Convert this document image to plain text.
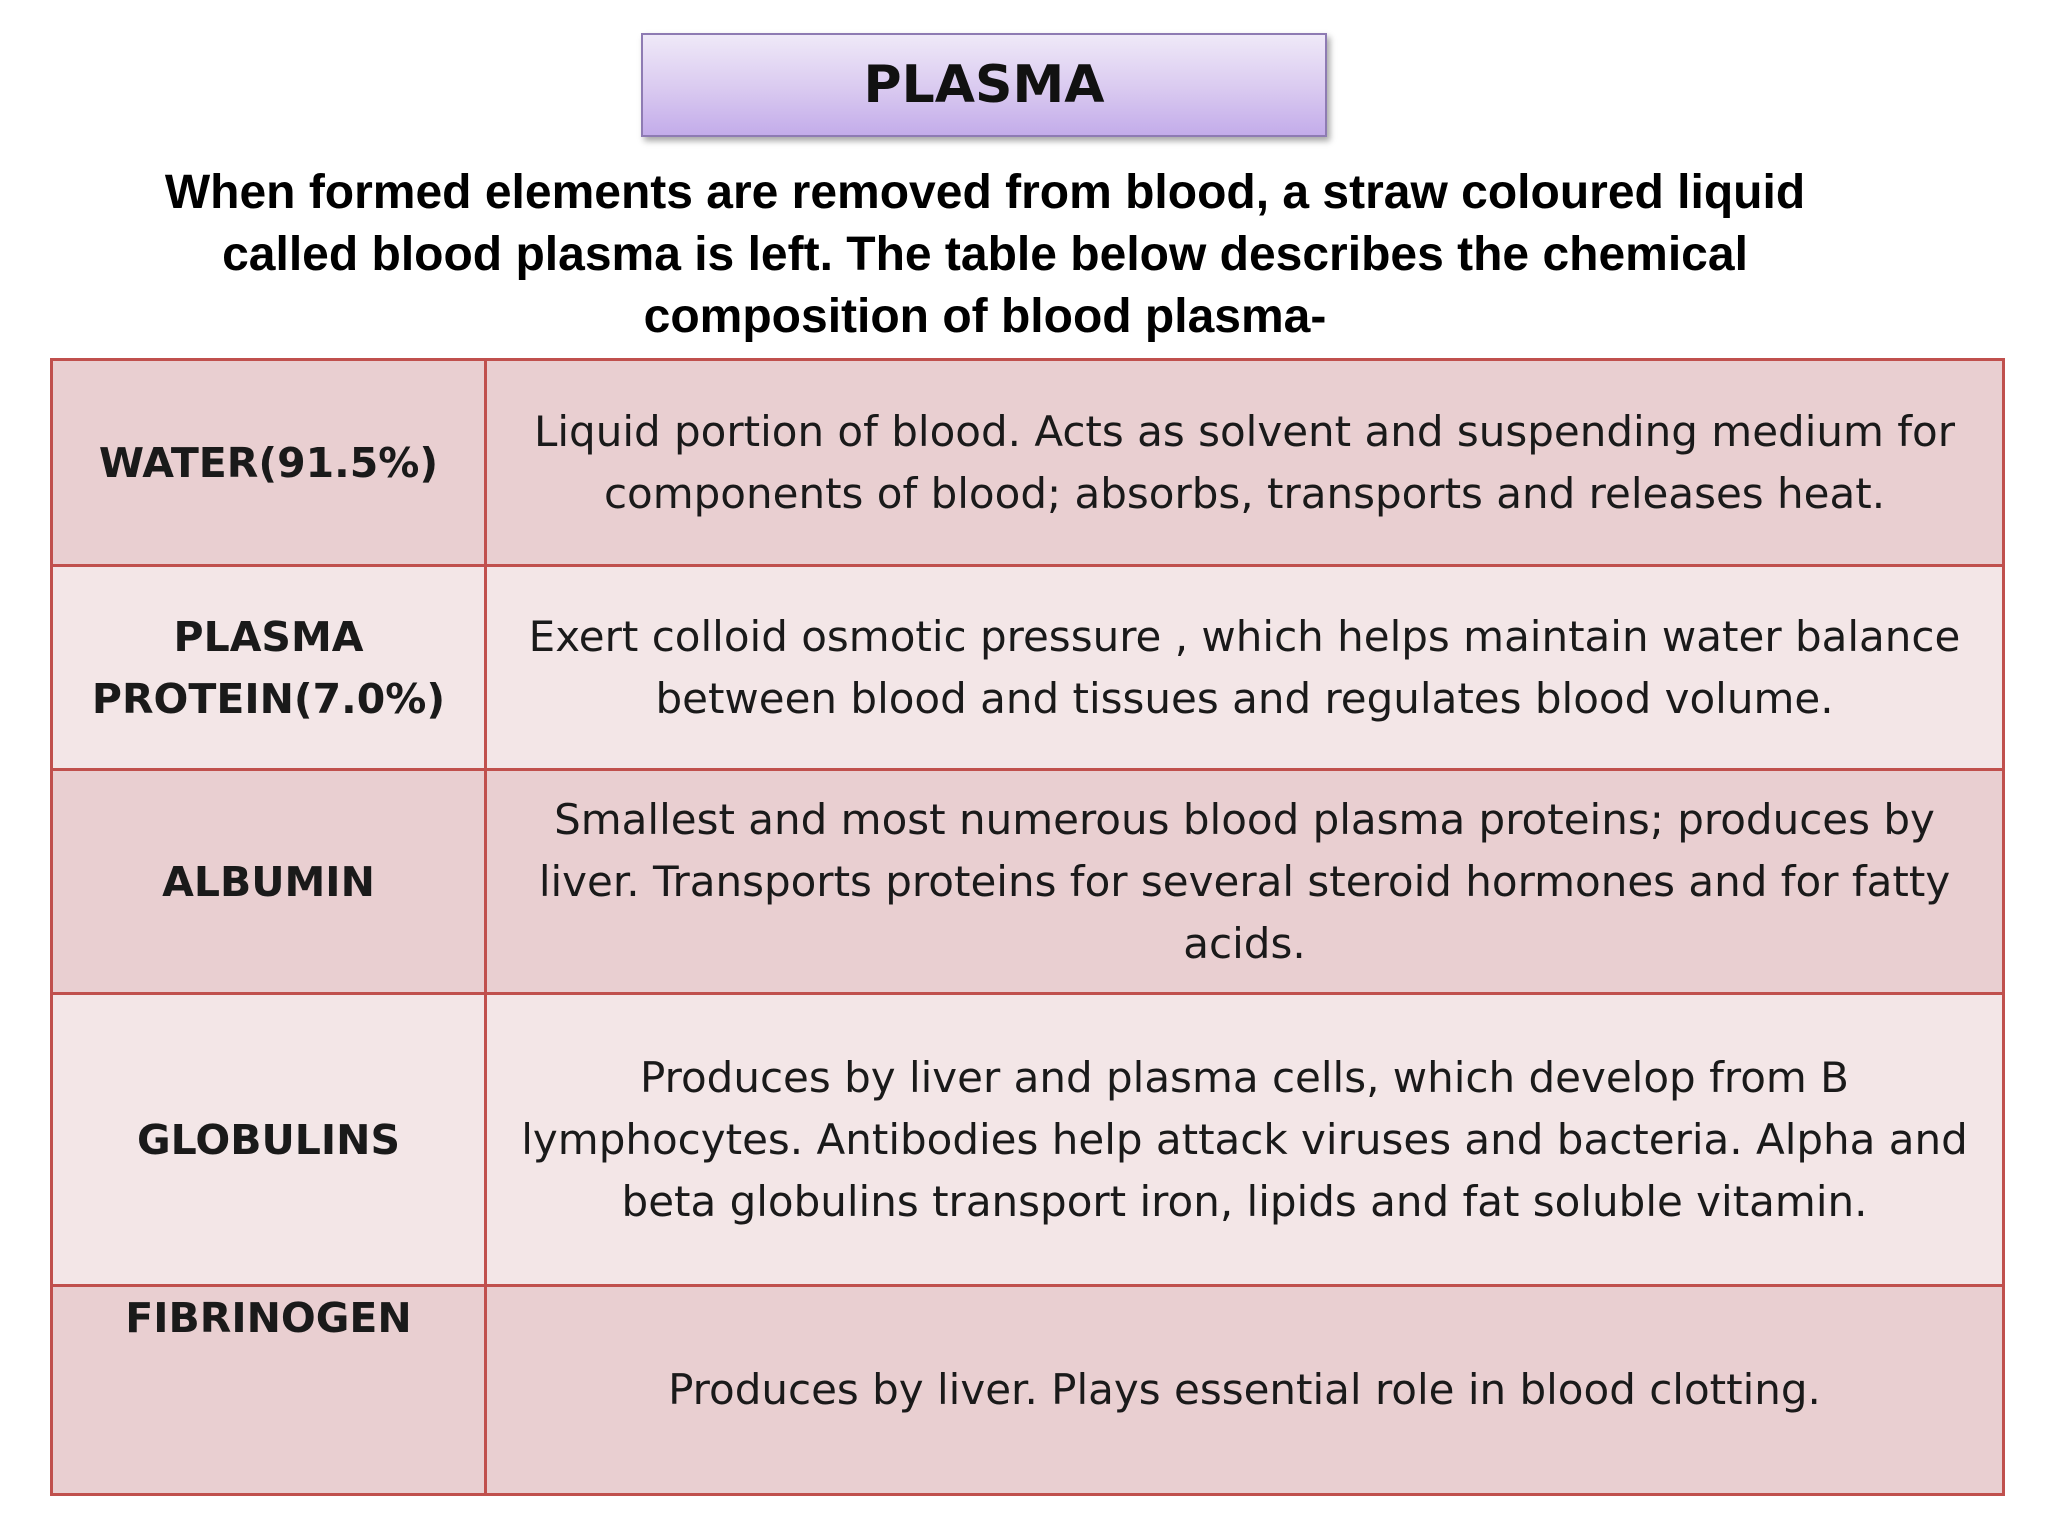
PLASMA
When formed elements are removed from blood, a straw coloured liquid
called blood plasma is left. The table below describes the chemical
composition of blood plasma-
WATER(91.5%)	Liquid portion of blood. Acts as solvent and suspending medium for components of blood; absorbs, transports and releases heat.
PLASMA PROTEIN(7.0%)	Exert colloid osmotic pressure , which helps maintain water balance between blood and tissues and regulates blood volume.
ALBUMIN	Smallest and most numerous blood plasma proteins; produces by liver. Transports proteins for several steroid hormones and for fatty acids.
GLOBULINS	Produces by liver and plasma cells, which develop from B lymphocytes. Antibodies help attack viruses and bacteria. Alpha and beta globulins transport iron, lipids and fat soluble vitamin.
FIBRINOGEN	Produces by liver. Plays essential role in blood clotting.
